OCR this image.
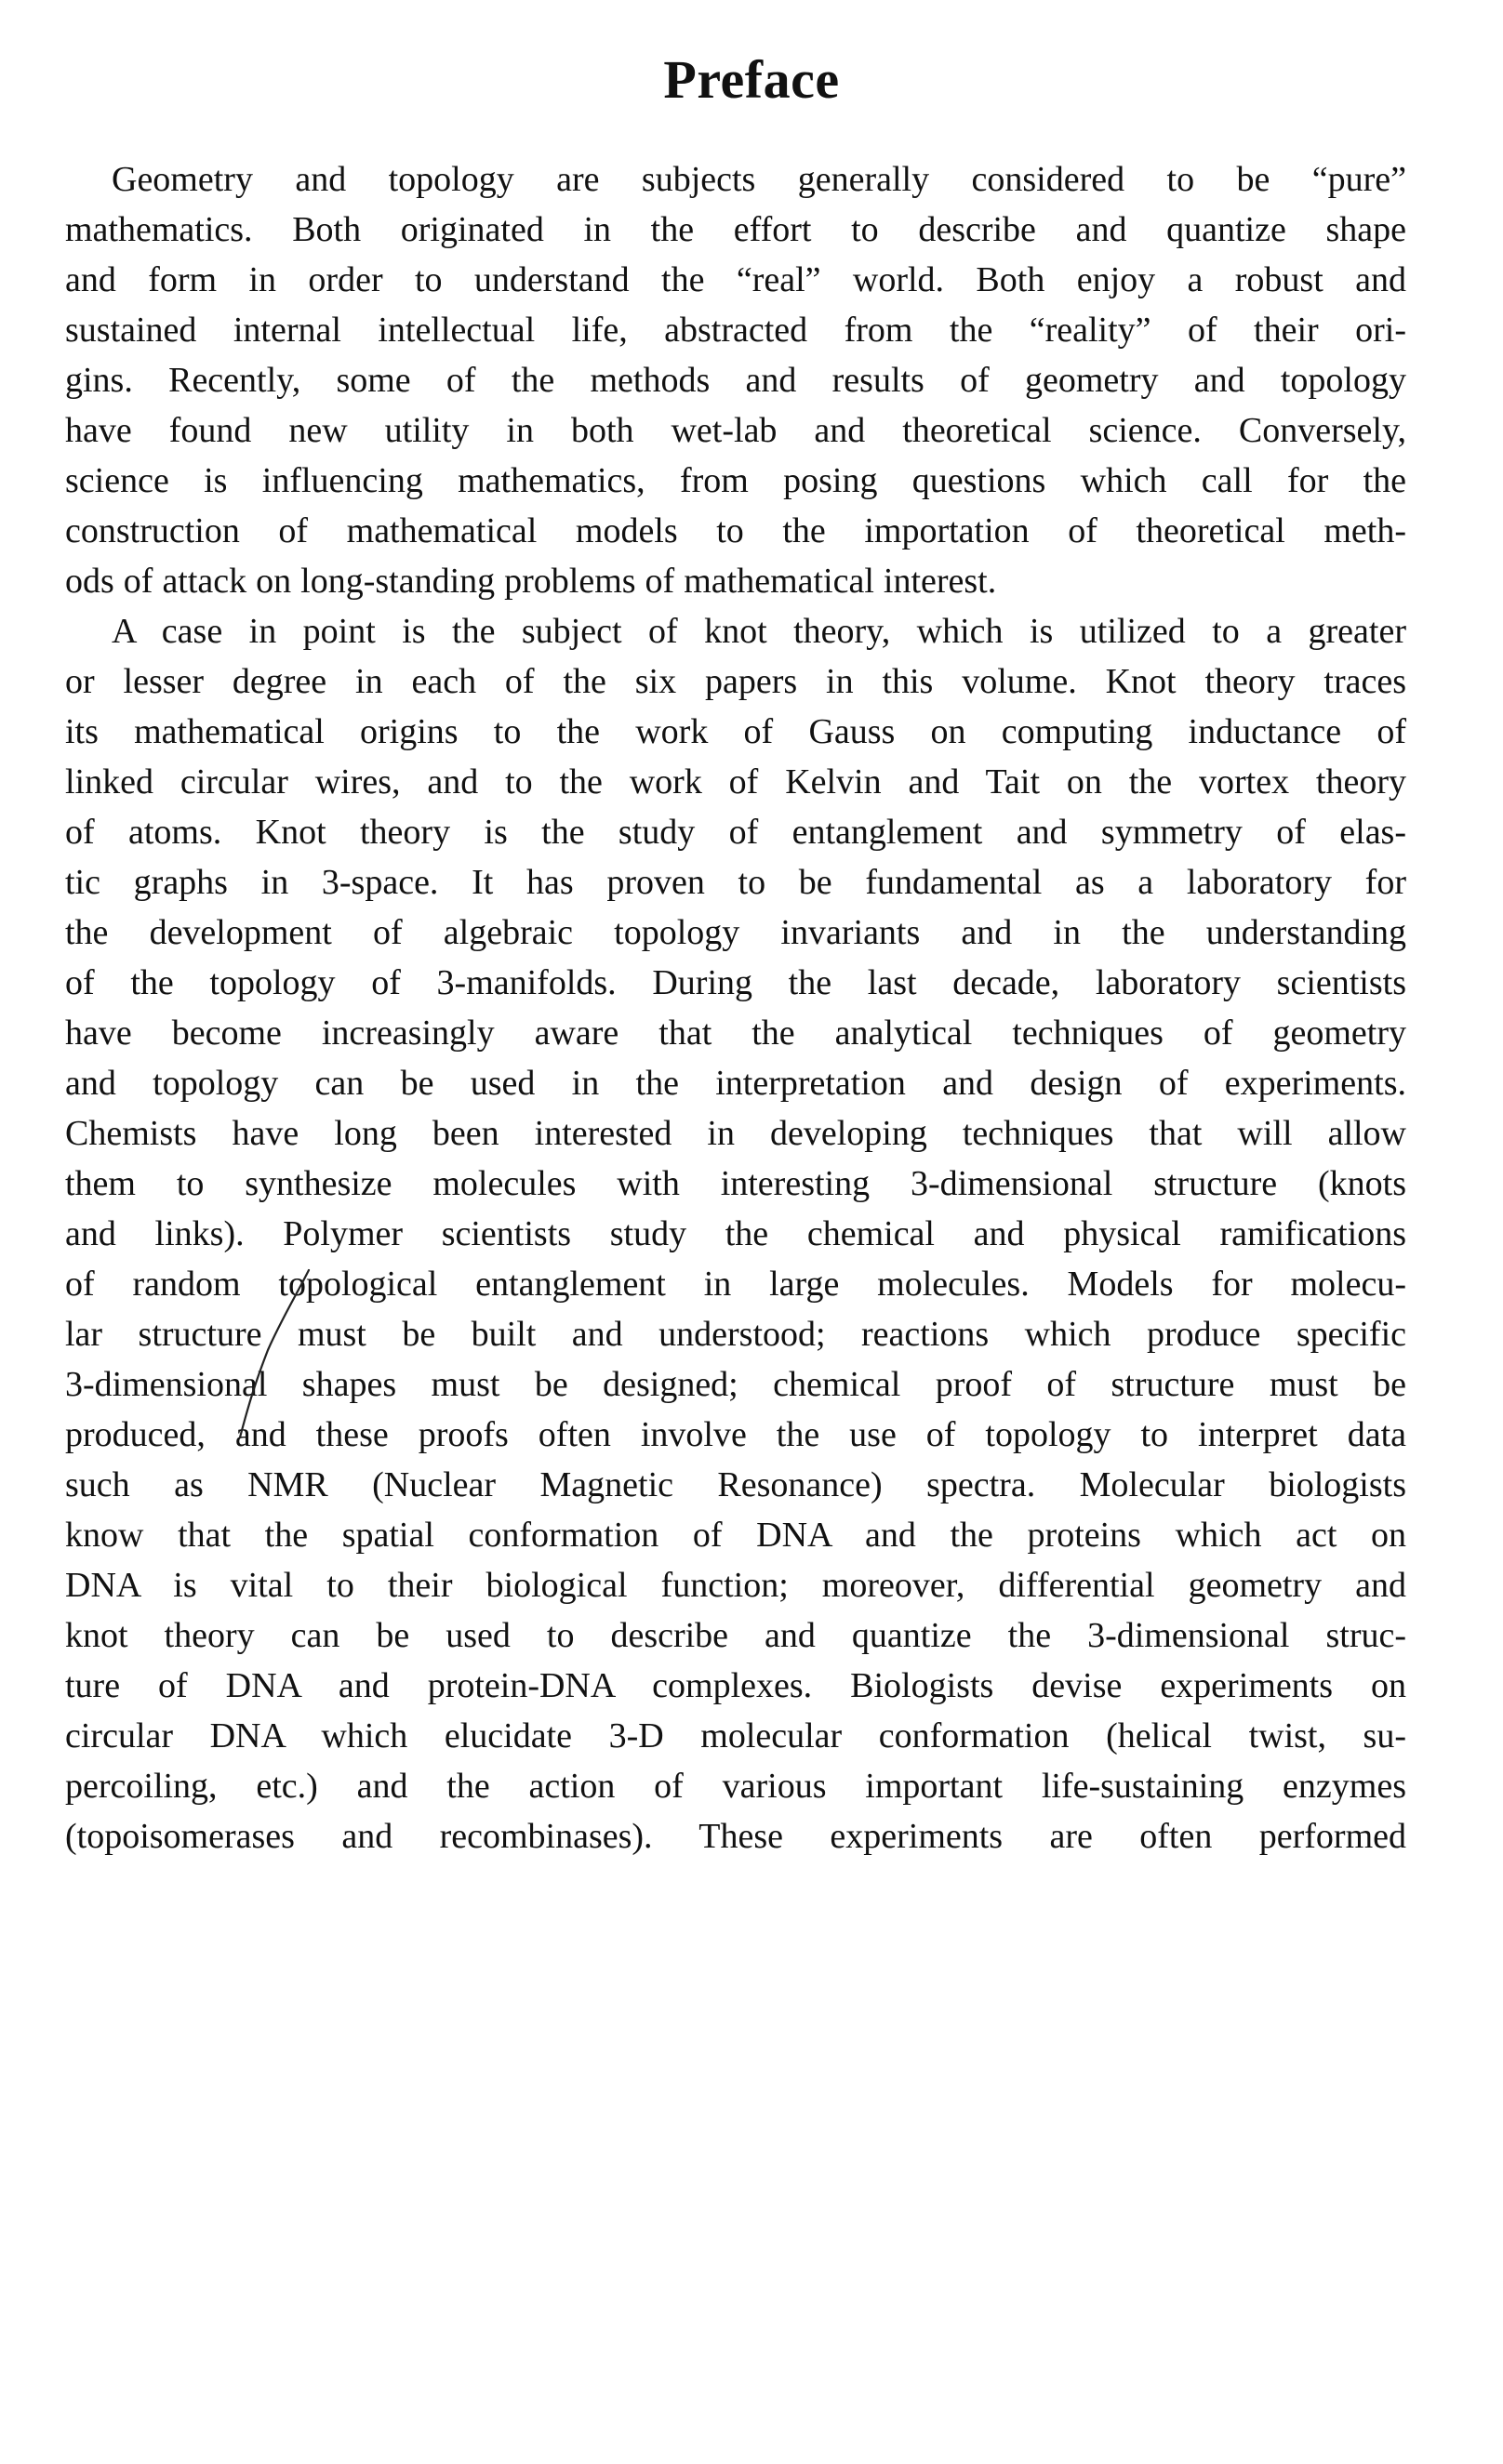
Preface
Geometry and topology are subjects generally considered to be “pure”
mathematics. Both originated in the effort to describe and quantize shape
and form in order to understand the “real” world. Both enjoy a robust and
sustained internal intellectual life, abstracted from the “reality” of their ori-
gins. Recently, some of the methods and results of geometry and topology
have found new utility in both wet-lab and theoretical science. Conversely,
science is influencing mathematics, from posing questions which call for the
construction of mathematical models to the importation of theoretical meth-
ods of attack on long-standing problems of mathematical interest.
A case in point is the subject of knot theory, which is utilized to a greater
or lesser degree in each of the six papers in this volume. Knot theory traces
its mathematical origins to the work of Gauss on computing inductance of
linked circular wires, and to the work of Kelvin and Tait on the vortex theory
of atoms. Knot theory is the study of entanglement and symmetry of elas-
tic graphs in 3-space. It has proven to be fundamental as a laboratory for
the development of algebraic topology invariants and in the understanding
of the topology of 3-manifolds. During the last decade, laboratory scientists
have become increasingly aware that the analytical techniques of geometry
and topology can be used in the interpretation and design of experiments.
Chemists have long been interested in developing techniques that will allow
them to synthesize molecules with interesting 3-dimensional structure (knots
and links). Polymer scientists study the chemical and physical ramifications
of random topological entanglement in large molecules. Models for molecu-
lar structure must be built and understood; reactions which produce specific
3-dimensional shapes must be designed; chemical proof of structure must be
produced, and these proofs often involve the use of topology to interpret data
such as NMR (Nuclear Magnetic Resonance) spectra. Molecular biologists
know that the spatial conformation of DNA and the proteins which act on
DNA is vital to their biological function; moreover, differential geometry and
knot theory can be used to describe and quantize the 3-dimensional struc-
ture of DNA and protein-DNA complexes. Biologists devise experiments on
circular DNA which elucidate 3-D molecular conformation (helical twist, su-
percoiling, etc.) and the action of various important life-sustaining enzymes
(topoisomerases and recombinases). These experiments are often performed
